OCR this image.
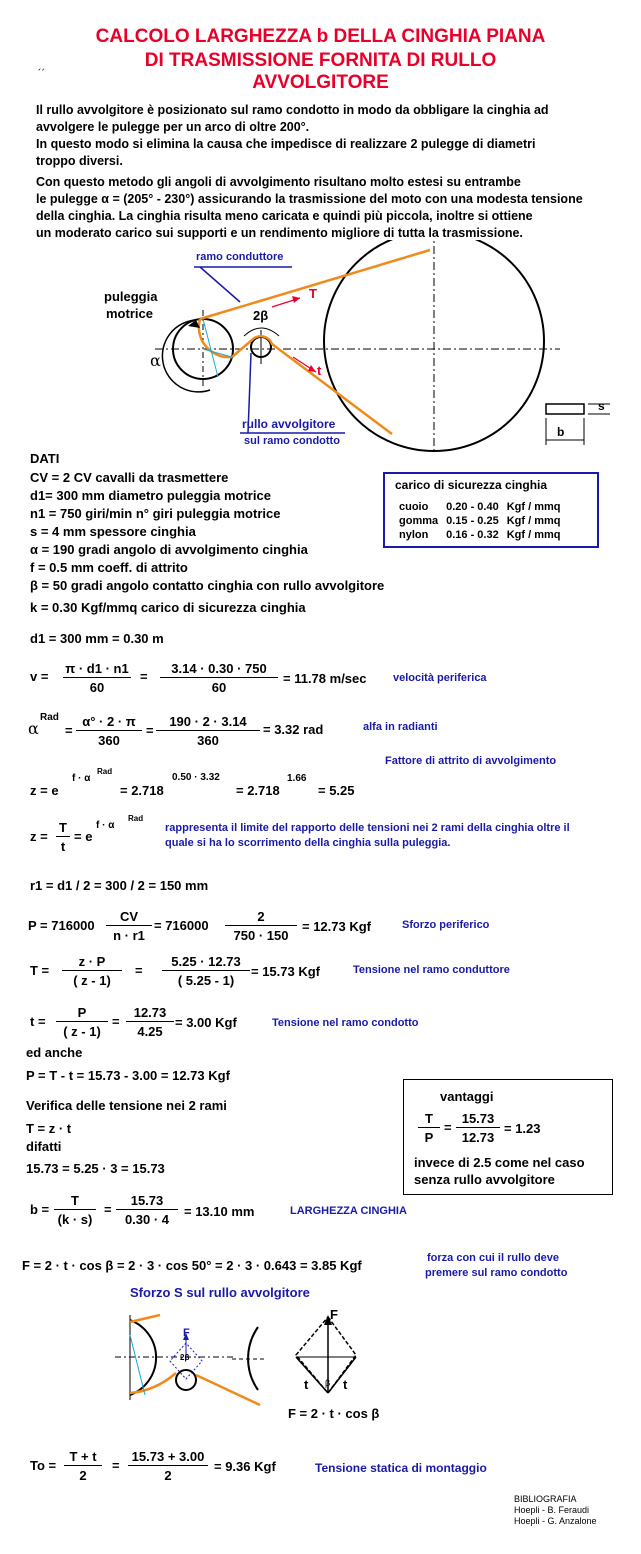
CALCOLO LARGHEZZA b DELLA CINGHIA PIANA
DI TRASMISSIONE FORNITA DI RULLO
AVVOLGITORE
´´
Il rullo avvolgitore è posizionato sul ramo condotto in modo da obbligare la cinghia ad
avvolgere le pulegge per un arco di oltre 200°.
In questo modo si elimina la causa che impedisce di realizzare 2 pulegge di diametri
troppo diversi.
Con questo metodo gli angoli di avvolgimento risultano molto estesi su entrambe
le pulegge α = (205° - 230°) assicurando la trasmissione del moto con una modesta tensione
della cinghia. La cinghia risulta meno caricata e quindi più piccola, inoltre si ottiene
un moderato carico sui supporti e un rendimento migliore di tutta la trasmissione.
ramo conduttore
puleggia
motrice
T
t
2β
α
rullo avvolgitore
sul ramo condotto
s
b
DATI
CV = 2 CV cavalli da trasmettere
d1= 300 mm diametro puleggia motrice
n1 = 750 giri/min n° giri puleggia motrice
s = 4 mm spessore cinghia
α = 190 gradi angolo di avvolgimento cinghia
f = 0.5 mm coeff. di attrito
β = 50 gradi angolo contatto cinghia con rullo avvolgitore
k = 0.30 Kgf/mmq carico di sicurezza cinghia
carico di sicurezza cinghia
cuoio	0.20 - 0.40	Kgf / mmq
gomma	0.15 - 0.25	Kgf / mmq
nylon	0.16 - 0.32	Kgf / mmq
d1 = 300 mm = 0.30 m
$v = \frac{\pi \cdot d1 \cdot n1}{60} = \frac{3.14 \cdot 0.30 \cdot 750}{60} = 11.78$ m/sec velocità periferica
α
Rad
= $\frac{\alpha^\circ \cdot 2 \cdot \pi}{360} = \frac{190 \cdot 2 \cdot 3.14}{360} = 3.32$ rad	alfa in radianti
Fattore di attrito di avvolgimento
z = e
f · α
Rad
= 2.718
0.50 · 3.32
= 2.718
1.66
= 5.25
$z = \frac{T}{t} = e$
f · α
Rad
rappresenta il limite del rapporto delle tensioni nei 2 rami della cinghia oltre il
quale si ha lo scorrimento della cinghia sulla puleggia.
r1 = d1 / 2 = 300 / 2 = 150 mm
$P = 716000 \frac{CV}{n \cdot r1} = 716000 \frac{2}{750 \cdot 150} = 12.73$ Kgf	Sforzo periferico
$T = \frac{z \cdot P}{( z - 1)} = \frac{5.25 \cdot 12.73}{( 5.25 - 1)} = 15.73$ Kgf	Tensione nel ramo conduttore
$t = \frac{P}{( z - 1)} = \frac{12.73}{4.25} = 3.00$ Kgf	Tensione nel ramo condotto
ed anche
P = T - t = 15.73 - 3.00 = 12.73 Kgf
Verifica delle tensione nei 2 rami
T = z · t
difatti
15.73 = 5.25 · 3 = 15.73
vantaggi
$\frac{T}{P} = \frac{15.73}{12.73} = 1.23$
invece di 2.5 come nel caso
senza rullo avvolgitore
$b = \frac{T}{(k \cdot s)} = \frac{15.73}{0.30 \cdot 4} = 13.10$ mm	LARGHEZZA CINGHIA
F = 2 · t · cos β = 2 · 3 · cos 50° = 2 · 3 · 0.643 = 3.85 Kgf	forza con cui il rullo deve
premere sul ramo condotto
Sforzo S sul rullo avvolgitore
F
2β
F
t	t
β
F = 2 · t · cos β
$To = \frac{T + t}{2} = \frac{15.73 + 3.00}{2} = 9.36$ Kgf	Tensione statica di montaggio
BIBLIOGRAFIA
Hoepli - B. Feraudi
Hoepli - G. Anzalone
